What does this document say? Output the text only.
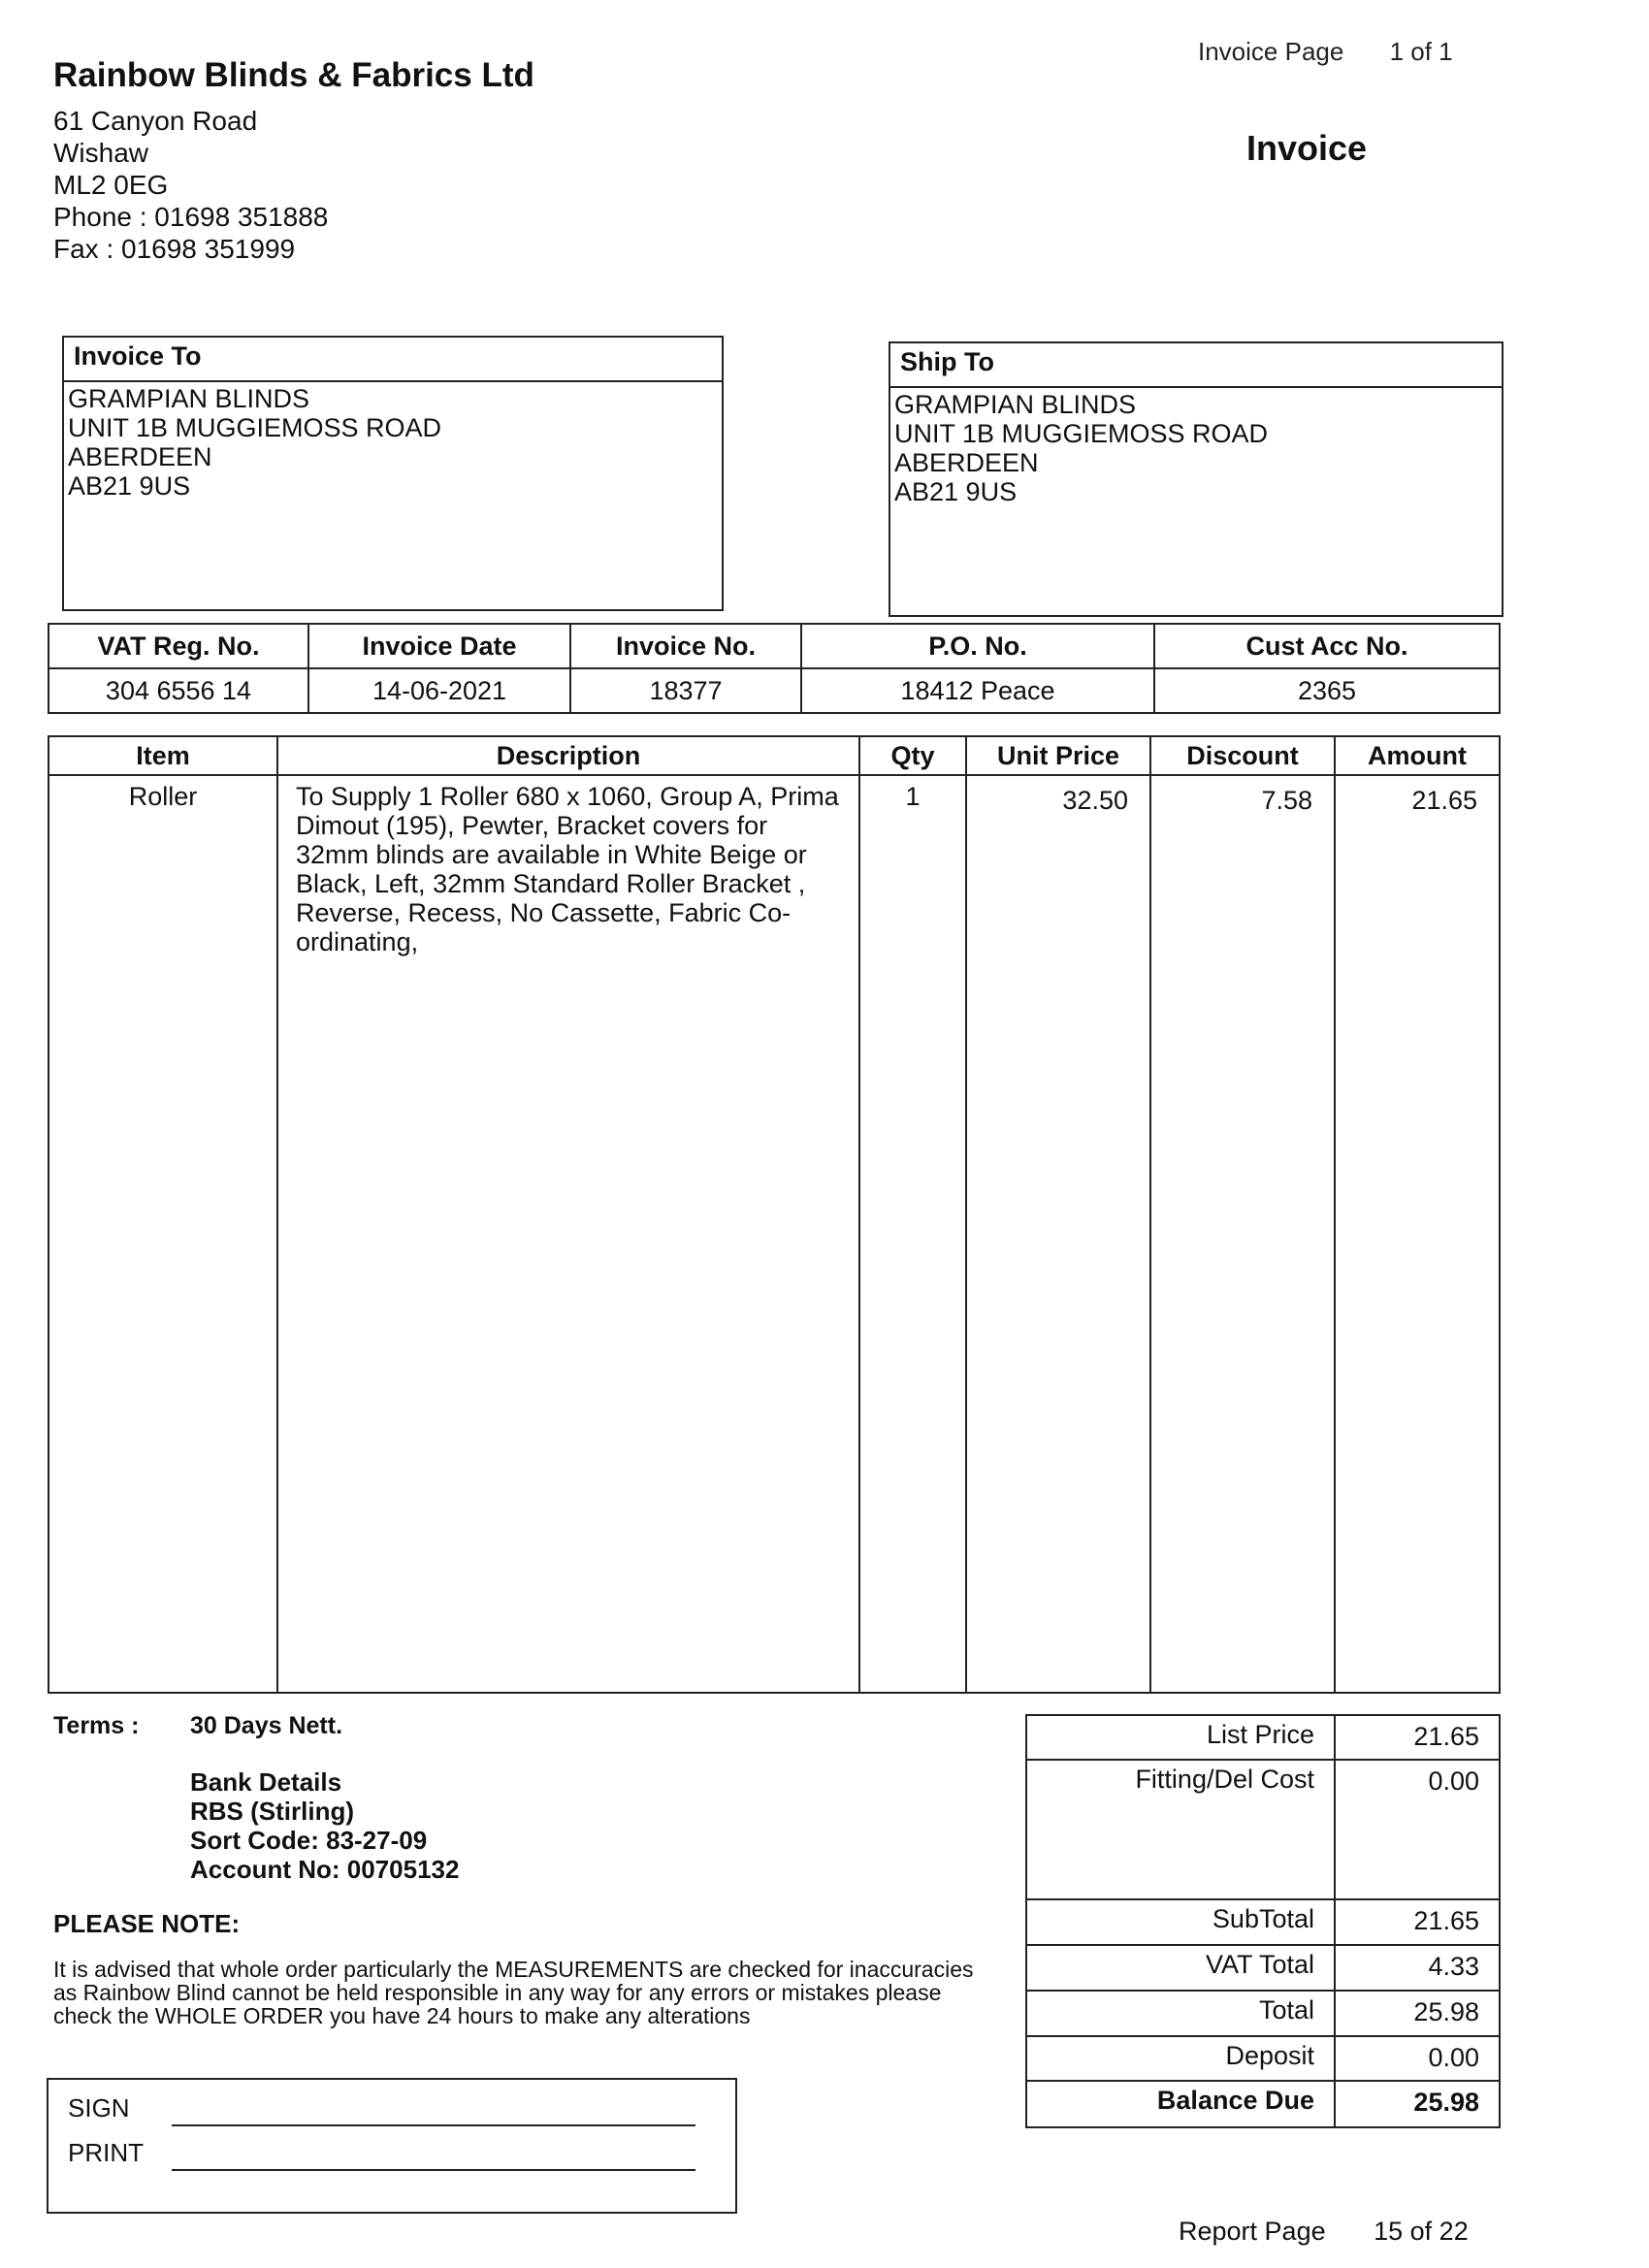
Invoice Page 1 of 1
Rainbow Blinds & Fabrics Ltd
61 Canyon Road
Wishaw
ML2 0EG
Phone : 01698 351888
Fax : 01698 351999
Invoice
Invoice To
GRAMPIAN BLINDS
UNIT 1B MUGGIEMOSS ROAD
ABERDEEN
AB21 9US
Ship To
GRAMPIAN BLINDS
UNIT 1B MUGGIEMOSS ROAD
ABERDEEN
AB21 9US
VAT Reg. No.	Invoice Date	Invoice No.	P.O. No.	Cust Acc No.
304 6556 14	14-06-2021	18377	18412 Peace	2365
Item	Description	Qty	Unit Price	Discount	Amount
Roller	To Supply 1 Roller 680 x 1060, Group A, Prima Dimout (195), Pewter, Bracket covers for 32mm blinds are available in White Beige or Black, Left, 32mm Standard Roller Bracket , Reverse, Recess, No Cassette, Fabric Co-ordinating,	1	32.50	7.58	21.65
Terms : 30 Days Nett.
Bank Details
RBS (Stirling)
Sort Code: 83-27-09
Account No: 00705132
PLEASE NOTE:
It is advised that whole order particularly the MEASUREMENTS are checked for inaccuracies as Rainbow Blind cannot be held responsible in any way for any errors or mistakes please check the WHOLE ORDER you have 24 hours to make any alterations
SIGN
PRINT
List Price	21.65
Fitting/Del Cost	0.00
SubTotal	21.65
VAT Total	4.33
Total	25.98
Deposit	0.00
Balance Due	25.98
Report Page 15 of 22
